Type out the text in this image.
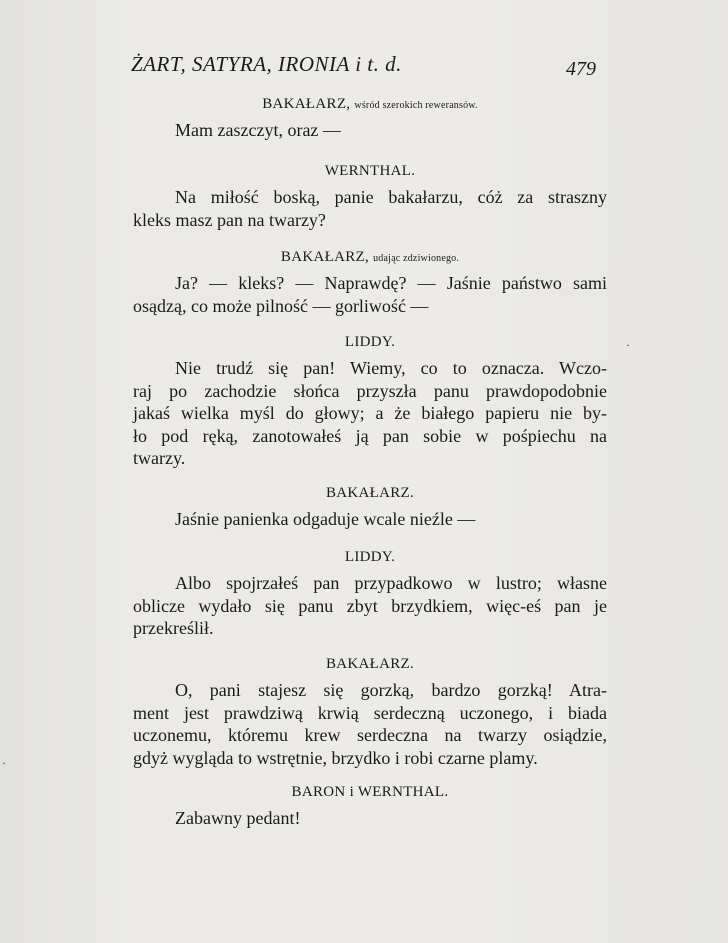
ŻART, SATYRA, IRONIA i t. d.	479
BAKAŁARZ, wśród szerokich reweransów.
Mam zaszczyt, oraz —
WERNTHAL.
Na miłość boską, panie bakałarzu, cóż za straszny
kleks masz pan na twarzy?
BAKAŁARZ, udając zdziwionego.
Ja? — kleks? — Naprawdę? — Jaśnie państwo sami
osądzą, co może pilność — gorliwość —
LIDDY.
Nie trudź się pan! Wiemy, co to oznacza. Wczo-
raj po zachodzie słońca przyszła panu prawdopodobnie
jakaś wielka myśl do głowy; a że białego papieru nie by-
ło pod ręką, zanotowałeś ją pan sobie w pośpiechu na
twarzy.
BAKAŁARZ.
Jaśnie panienka odgaduje wcale nieźle —
LIDDY.
Albo spojrzałeś pan przypadkowo w lustro; własne
oblicze wydało się panu zbyt brzydkiem, więc-eś pan je
przekreślił.
BAKAŁARZ.
O, pani stajesz się gorzką, bardzo gorzką! Atra-
ment jest prawdziwą krwią serdeczną uczonego, i biada
uczonemu, któremu krew serdeczna na twarzy osiądzie,
gdyż wygląda to wstrętnie, brzydko i robi czarne plamy.
BARON i WERNTHAL.
Zabawny pedant!
·
·
